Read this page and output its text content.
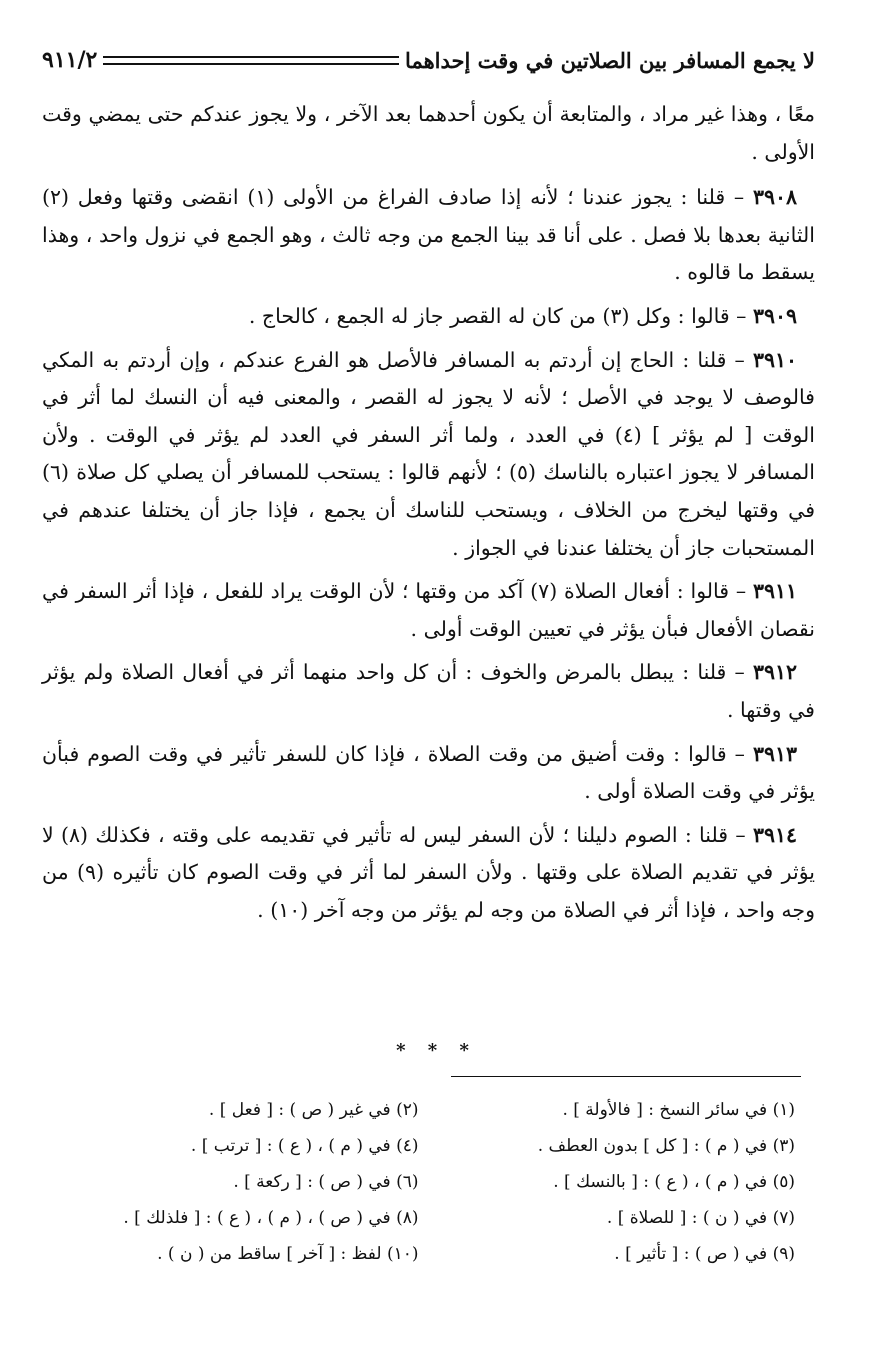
لا يجمع المسافر بين الصلاتين في وقت إحداهما
٩١١/٢

معًا ، وهذا غير مراد ، والمتابعة أن يكون أحدهما بعد الآخر ، ولا يجوز عندكم حتى يمضي وقت الأولى .

٣٩٠٨ – قلنا : يجوز عندنا ؛ لأنه إذا صادف الفراغ من الأولى (١) انقضى وقتها وفعل (٢) الثانية بعدها بلا فصل . على أنا قد بينا الجمع من وجه ثالث ، وهو الجمع في نزول واحد ، وهذا يسقط ما قالوه .

٣٩٠٩ – قالوا : وكل (٣) من كان له القصر جاز له الجمع ، كالحاج .

٣٩١٠ – قلنا : الحاج إن أردتم به المسافر فالأصل هو الفرع عندكم ، وإن أردتم به المكي فالوصف لا يوجد في الأصل ؛ لأنه لا يجوز له القصر ، والمعنى فيه أن النسك لما أثر في الوقت [ لم يؤثر ] (٤) في العدد ، ولما أثر السفر في العدد لم يؤثر في الوقت . ولأن المسافر لا يجوز اعتباره بالناسك (٥) ؛ لأنهم قالوا : يستحب للمسافر أن يصلي كل صلاة (٦) في وقتها ليخرج من الخلاف ، ويستحب للناسك أن يجمع ، فإذا جاز أن يختلفا عندهم في المستحبات جاز أن يختلفا عندنا في الجواز .

٣٩١١ – قالوا : أفعال الصلاة (٧) آكد من وقتها ؛ لأن الوقت يراد للفعل ، فإذا أثر السفر في نقصان الأفعال فبأن يؤثر في تعيين الوقت أولى .

٣٩١٢ – قلنا : يبطل بالمرض والخوف : أن كل واحد منهما أثر في أفعال الصلاة ولم يؤثر في وقتها .

٣٩١٣ – قالوا : وقت أضيق من وقت الصلاة ، فإذا كان للسفر تأثير في وقت الصوم فبأن يؤثر في وقت الصلاة أولى .

٣٩١٤ – قلنا : الصوم دليلنا ؛ لأن السفر ليس له تأثير في تقديمه على وقته ، فكذلك (٨) لا يؤثر في تقديم الصلاة على وقتها . ولأن السفر لما أثر في وقت الصوم كان تأثيره (٩) من وجه واحد ، فإذا أثر في الصلاة من وجه لم يؤثر من وجه آخر (١٠) .

* * *
(١) في سائر النسخ : [ فالأولة ] .
(٢) في غير ( ص ) : [ فعل ] .
(٣) في ( م ) : [ كل ] بدون العطف .
(٤) في ( م ) ، ( ع ) : [ ترتب ] .
(٥) في ( م ) ، ( ع ) : [ بالنسك ] .
(٦) في ( ص ) : [ ركعة ] .
(٧) في ( ن ) : [ للصلاة ] .
(٨) في ( ص ) ، ( م ) ، ( ع ) : [ فلذلك ] .
(٩) في ( ص ) : [ تأثير ] .
(١٠) لفظ : [ آخر ] ساقط من ( ن ) .
